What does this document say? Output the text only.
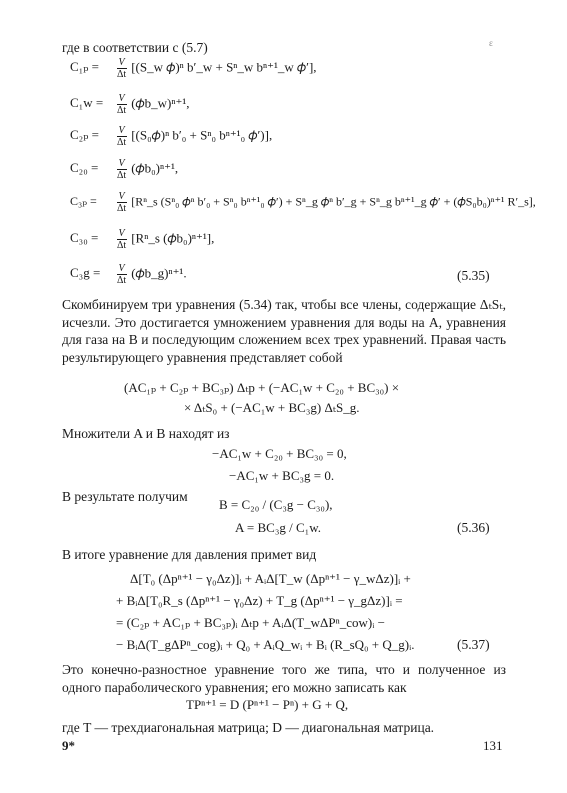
ɛ
где в соответствии с (5.7)
$C_{1p} = \frac{V}{\Delta t}$ [(S_w 𝜙)ⁿ b′_w + Sⁿ_w bⁿ⁺¹_w 𝜙′],
$C_1w = \frac{V}{\Delta t}$ (𝜙b_w)ⁿ⁺¹,
$C_{2p} = \frac{V}{\Delta t}$ [(S₀𝜙)ⁿ b′₀ + Sⁿ₀ bⁿ⁺¹₀ 𝜙′)],
$C_{20} = \frac{V}{\Delta t}$ (𝜙b₀)ⁿ⁺¹,
$C_{3p} = \frac{V}{\Delta t}$ [Rⁿ_s (Sⁿ₀ 𝜙ⁿ b′₀ + Sⁿ₀ bⁿ⁺¹₀ 𝜙′) + Sⁿ_g 𝜙ⁿ b′_g + Sⁿ_g bⁿ⁺¹_g 𝜙′ + (𝜙S₀b₀)ⁿ⁺¹ R′_s],
$C_{30} = \frac{V}{\Delta t}$ [Rⁿ_s (𝜙b₀)ⁿ⁺¹],
$C_3g = \frac{V}{\Delta t}$ (𝜙b_g)ⁿ⁺¹.	(5.35)
Скомбинируем три уравнения (5.34) так, чтобы все члены, содержащие ΔₜSₜ, исчезли. Это достигается умножением уравнения для воды на A, уравнения для газа на B и последующим сложением всех трех уравнений. Правая часть результирующего уравнения представляет собой
(AC₁ₚ + C₂ₚ + BC₃ₚ) Δₜp + (−AC₁w + C₂₀ + BC₃₀) ×
× ΔₜS₀ + (−AC₁w + BC₃g) ΔₜS_g.
Множители A и B находят из
−AC₁w + C₂₀ + BC₃₀ = 0,
−AC₁w + BC₃g = 0.
В результате получим
B = C₂₀ / (C₃g − C₃₀),
A = BC₃g / C₁w.	(5.36)
В итоге уравнение для давления примет вид
Δ[T₀ (Δpⁿ⁺¹ − γ₀Δz)]ᵢ + AᵢΔ[T_w (Δpⁿ⁺¹ − γ_wΔz)]ᵢ +
+ BᵢΔ[T₀R_s (Δpⁿ⁺¹ − γ₀Δz) + T_g (Δpⁿ⁺¹ − γ_gΔz)]ᵢ =
= (C₂ₚ + AC₁ₚ + BC₃ₚ)ᵢ Δₜp + AᵢΔ(T_wΔPⁿ_cow)ᵢ −
− BᵢΔ(T_gΔPⁿ_cog)ᵢ + Q₀ + AᵢQ_wᵢ + Bᵢ (R_sQ₀ + Q_g)ᵢ.	(5.37)
Это конечно-разностное уравнение того же типа, что и полученное из одного параболического уравнения; его можно записать как
TPⁿ⁺¹ = D (Pⁿ⁺¹ − Pⁿ) + G + Q,
где T — трехдиагональная матрица; D — диагональная матрица.
9*	131
